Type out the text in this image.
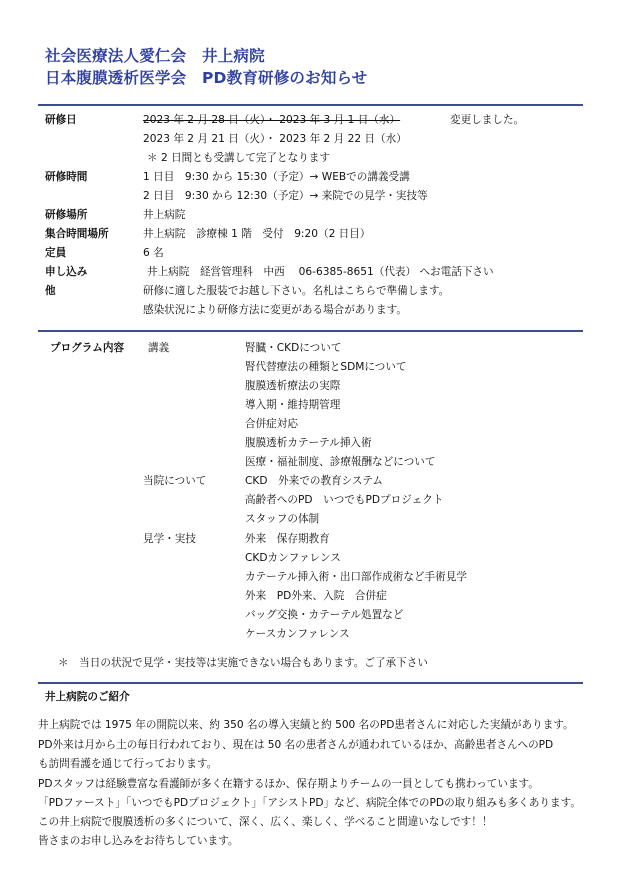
社会医療法人愛仁会　井上病院
日本腹膜透析医学会　PD教育研修のお知らせ
研修日	2023 年 2 月 28 日（火）・ 2023 年 3 月 1 日（水）	変更しました。
2023 年 2 月 21 日（火）・ 2023 年 2 月 22 日（水）
＊ 2 日間とも受講して完了となります
研修時間	1 日目　9:30 から 15:30（予定）→ WEBでの講義受講
2 日目　9:30 から 12:30（予定）→ 来院での見学・実技等
研修場所	井上病院
集合時間場所	井上病院　診療棟 1 階　受付　9:20（2 日目）
定員	6 名
申し込み	井上病院　経営管理科　中西　 06-6385-8651（代表） へお電話下さい
他	研修に適した服装でお越し下さい。名札はこちらで準備します。
感染状況により研修方法に変更がある場合があります。
プログラム内容 講義	腎臓・CKDについて
腎代替療法の種類とSDMについて
腹膜透析療法の実際
導入期・維持期管理
合併症対応
腹膜透析カテーテル挿入術
医療・福祉制度、診療報酬などについて
当院について	CKD　外来での教育システム
高齢者へのPD　いつでもPDプロジェクト
スタッフの体制
見学・実技	外来　保存期教育
CKDカンファレンス
カテーテル挿入術・出口部作成術など手術見学
外来　PD外来、入院　合併症
バッグ交換・カテーテル処置など
ケースカンファレンス
＊　当日の状況で見学・実技等は実施できない場合もあります。ご了承下さい
井上病院のご紹介
井上病院では 1975 年の開院以来、約 350 名の導入実績と約 500 名のPD患者さんに対応した実績があります。
PD外来は月から土の毎日行われており、現在は 50 名の患者さんが通われているほか、高齢患者さんへのPD
も訪問看護を通じて行っております。
PDスタッフは経験豊富な看護師が多く在籍するほか、保存期よりチームの一員としても携わっています。
「PDファースト」「いつでもPDプロジェクト」「アシストPD」など、病院全体でのPDの取り組みも多くあります。
この井上病院で腹膜透析の多くについて、深く、広く、楽しく、学べること間違いなしです！！
皆さまのお申し込みをお待ちしています。
